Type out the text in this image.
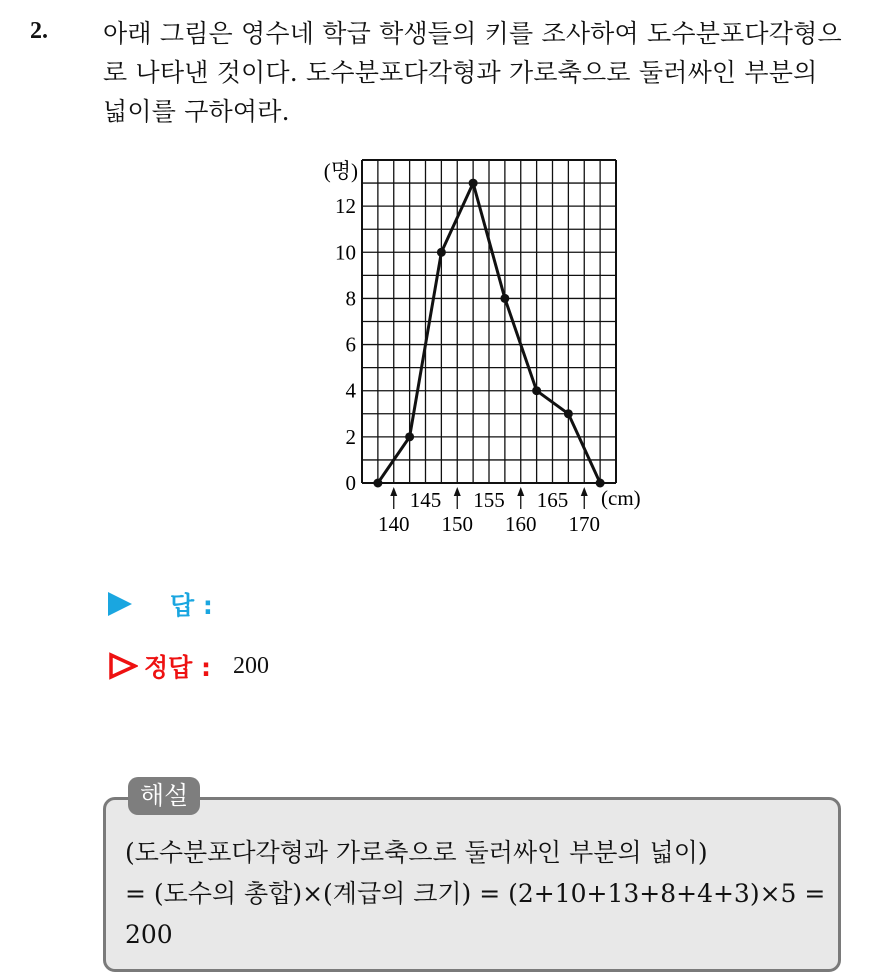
2. 아래 그림은 영수네 학급 학생들의 키를 조사하여 도수분포다각형으
로 나타낸 것이다. 도수분포다각형과 가로축으로 둘러싸인 부분의
넓이를 구하여라.
0
2
4
6
8
10
12
(명)
145 155 165
140 150 160 170
(cm)
답 :
정답 : 200
해설
(도수분포다각형과 가로축으로 둘러싸인 부분의 넓이)
= (도수의 총합)×(계급의 크기) = (2+10+13+8+4+3)×5 =
200
